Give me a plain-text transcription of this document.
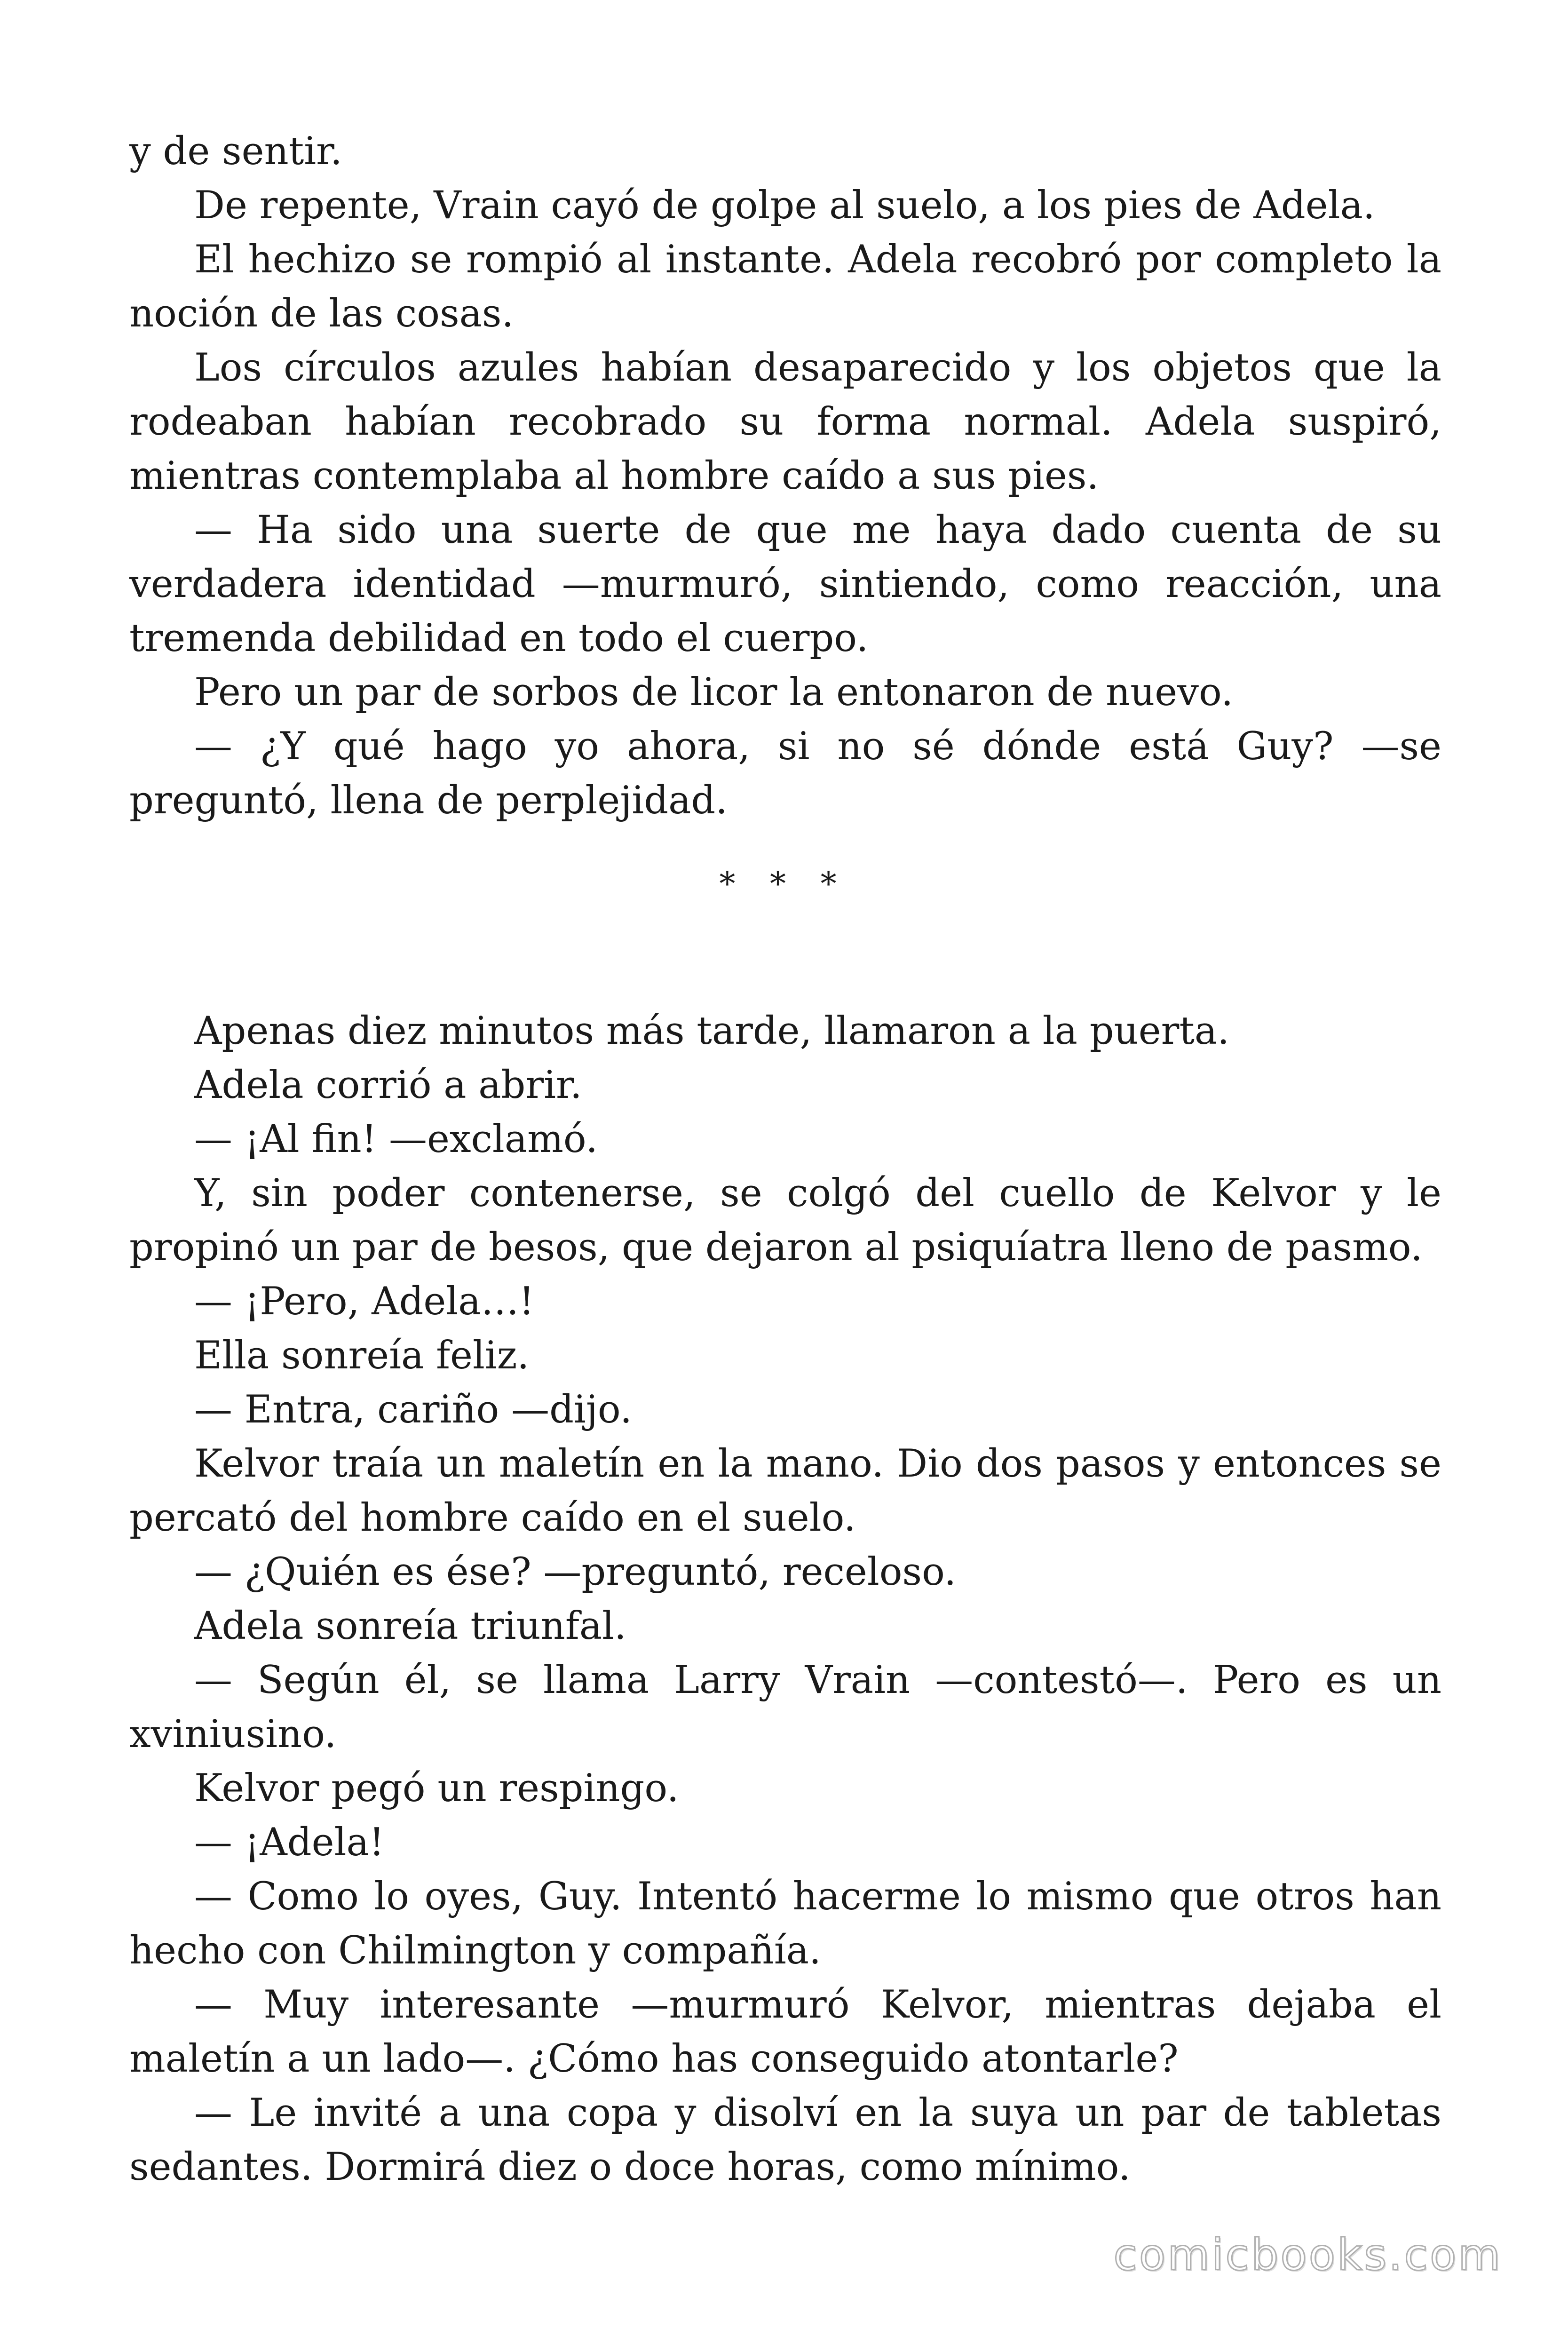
y de sentir.

De repente, Vrain cayó de golpe al suelo, a los pies de Adela.

El hechizo se rompió al instante. Adela recobró por completo la noción de las cosas.

Los círculos azules habían desaparecido y los objetos que la rodeaban habían recobrado su forma normal. Adela suspiró, mientras contemplaba al hombre caído a sus pies.

— Ha sido una suerte de que me haya dado cuenta de su verdadera identidad —murmuró, sintiendo, como reacción, una tremenda debilidad en todo el cuerpo.

Pero un par de sorbos de licor la entonaron de nuevo.

— ¿Y qué hago yo ahora, si no sé dónde está Guy? —se preguntó, llena de perplejidad.

* * *

Apenas diez minutos más tarde, llamaron a la puerta.

Adela corrió a abrir.

— ¡Al fin! —exclamó.

Y, sin poder contenerse, se colgó del cuello de Kelvor y le propinó un par de besos, que dejaron al psiquíatra lleno de pasmo.

— ¡Pero, Adela…!

Ella sonreía feliz.

— Entra, cariño —dijo.

Kelvor traía un maletín en la mano. Dio dos pasos y entonces se percató del hombre caído en el suelo.

— ¿Quién es ése? —preguntó, receloso.

Adela sonreía triunfal.

— Según él, se llama Larry Vrain —contestó—. Pero es un xviniusino.

Kelvor pegó un respingo.

— ¡Adela!

— Como lo oyes, Guy. Intentó hacerme lo mismo que otros han hecho con Chilmington y compañía.

— Muy interesante —murmuró Kelvor, mientras dejaba el maletín a un lado—. ¿Cómo has conseguido atontarle?

— Le invité a una copa y disolví en la suya un par de tabletas sedantes. Dormirá diez o doce horas, como mínimo.

comicbooks.com
